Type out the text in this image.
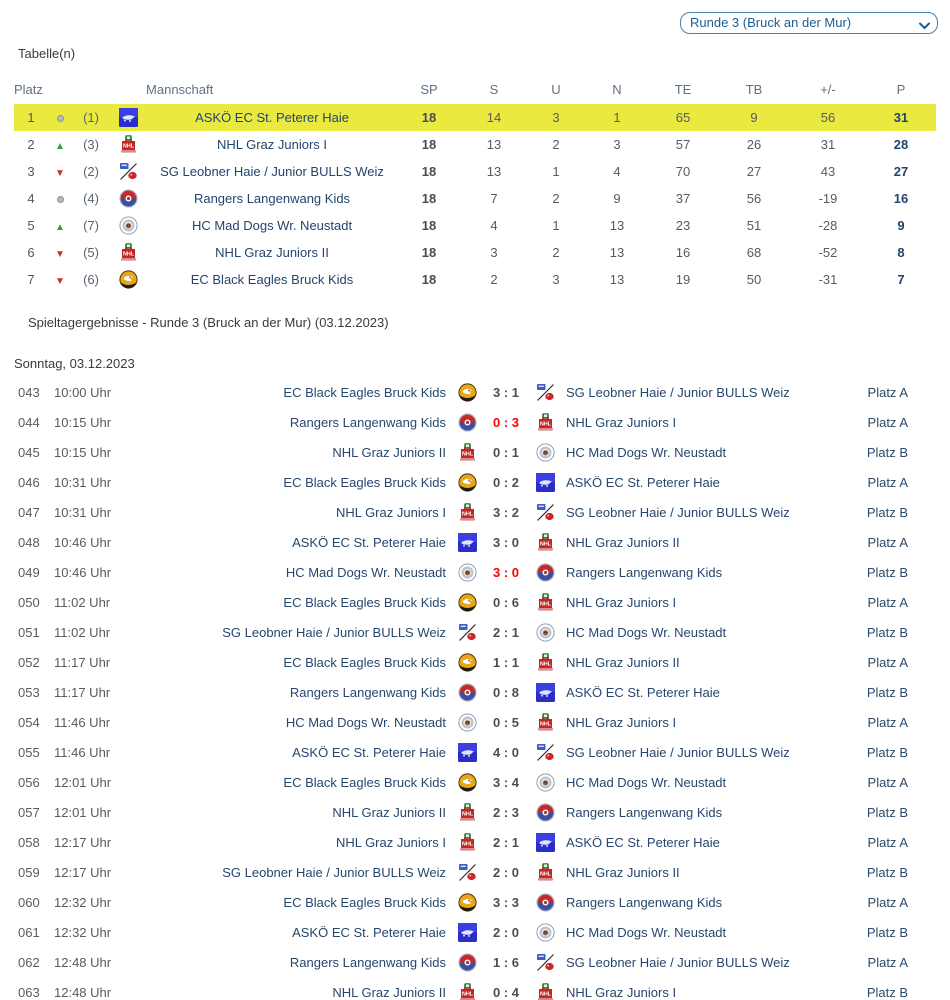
Runde 3 (Bruck an der Mur)
Tabelle(n)
Platz				Mannschaft	SP	S	U	N	TE	TB	+/-	P
1		(1)		ASKÖ EC St. Peterer Haie	18	14	3	1	65	9	56	31
2	▲	(3)	NHL	NHL Graz Juniors I	18	13	2	3	57	26	31	28
3	▼	(2)		SG Leobner Haie / Junior BULLS Weiz	18	13	1	4	70	27	43	27
4		(4)		Rangers Langenwang Kids	18	7	2	9	37	56	-19	16
5	▲	(7)		HC Mad Dogs Wr. Neustadt	18	4	1	13	23	51	-28	9
6	▼	(5)	NHL	NHL Graz Juniors II	18	3	2	13	16	68	-52	8
7	▼	(6)		EC Black Eagles Bruck Kids	18	2	3	13	19	50	-31	7
Spieltagergebnisse - Runde 3 (Bruck an der Mur) (03.12.2023)
Sonntag, 03.12.2023
043	10:00 Uhr	EC Black Eagles Bruck Kids	3 : 1	SG Leobner Haie / Junior BULLS Weiz	Platz A
044	10:15 Uhr	Rangers Langenwang Kids	0 : 3	NHL	NHL Graz Juniors I	Platz A
045	10:15 Uhr	NHL Graz Juniors II	NHL	0 : 1	HC Mad Dogs Wr. Neustadt	Platz B
046	10:31 Uhr	EC Black Eagles Bruck Kids	0 : 2	ASKÖ EC St. Peterer Haie	Platz A
047	10:31 Uhr	NHL Graz Juniors I	NHL	3 : 2	SG Leobner Haie / Junior BULLS Weiz	Platz B
048	10:46 Uhr	ASKÖ EC St. Peterer Haie	3 : 0	NHL	NHL Graz Juniors II	Platz A
049	10:46 Uhr	HC Mad Dogs Wr. Neustadt	3 : 0	Rangers Langenwang Kids	Platz B
050	11:02 Uhr	EC Black Eagles Bruck Kids	0 : 6	NHL	NHL Graz Juniors I	Platz A
051	11:02 Uhr	SG Leobner Haie / Junior BULLS Weiz	2 : 1	HC Mad Dogs Wr. Neustadt	Platz B
052	11:17 Uhr	EC Black Eagles Bruck Kids	1 : 1	NHL	NHL Graz Juniors II	Platz A
053	11:17 Uhr	Rangers Langenwang Kids	0 : 8	ASKÖ EC St. Peterer Haie	Platz B
054	11:46 Uhr	HC Mad Dogs Wr. Neustadt	0 : 5	NHL	NHL Graz Juniors I	Platz A
055	11:46 Uhr	ASKÖ EC St. Peterer Haie	4 : 0	SG Leobner Haie / Junior BULLS Weiz	Platz B
056	12:01 Uhr	EC Black Eagles Bruck Kids	3 : 4	HC Mad Dogs Wr. Neustadt	Platz A
057	12:01 Uhr	NHL Graz Juniors II	NHL	2 : 3	Rangers Langenwang Kids	Platz B
058	12:17 Uhr	NHL Graz Juniors I	NHL	2 : 1	ASKÖ EC St. Peterer Haie	Platz A
059	12:17 Uhr	SG Leobner Haie / Junior BULLS Weiz	2 : 0	NHL	NHL Graz Juniors II	Platz B
060	12:32 Uhr	EC Black Eagles Bruck Kids	3 : 3	Rangers Langenwang Kids	Platz A
061	12:32 Uhr	ASKÖ EC St. Peterer Haie	2 : 0	HC Mad Dogs Wr. Neustadt	Platz B
062	12:48 Uhr	Rangers Langenwang Kids	1 : 6	SG Leobner Haie / Junior BULLS Weiz	Platz A
063	12:48 Uhr	NHL Graz Juniors II	NHL	0 : 4	NHL	NHL Graz Juniors I	Platz B
